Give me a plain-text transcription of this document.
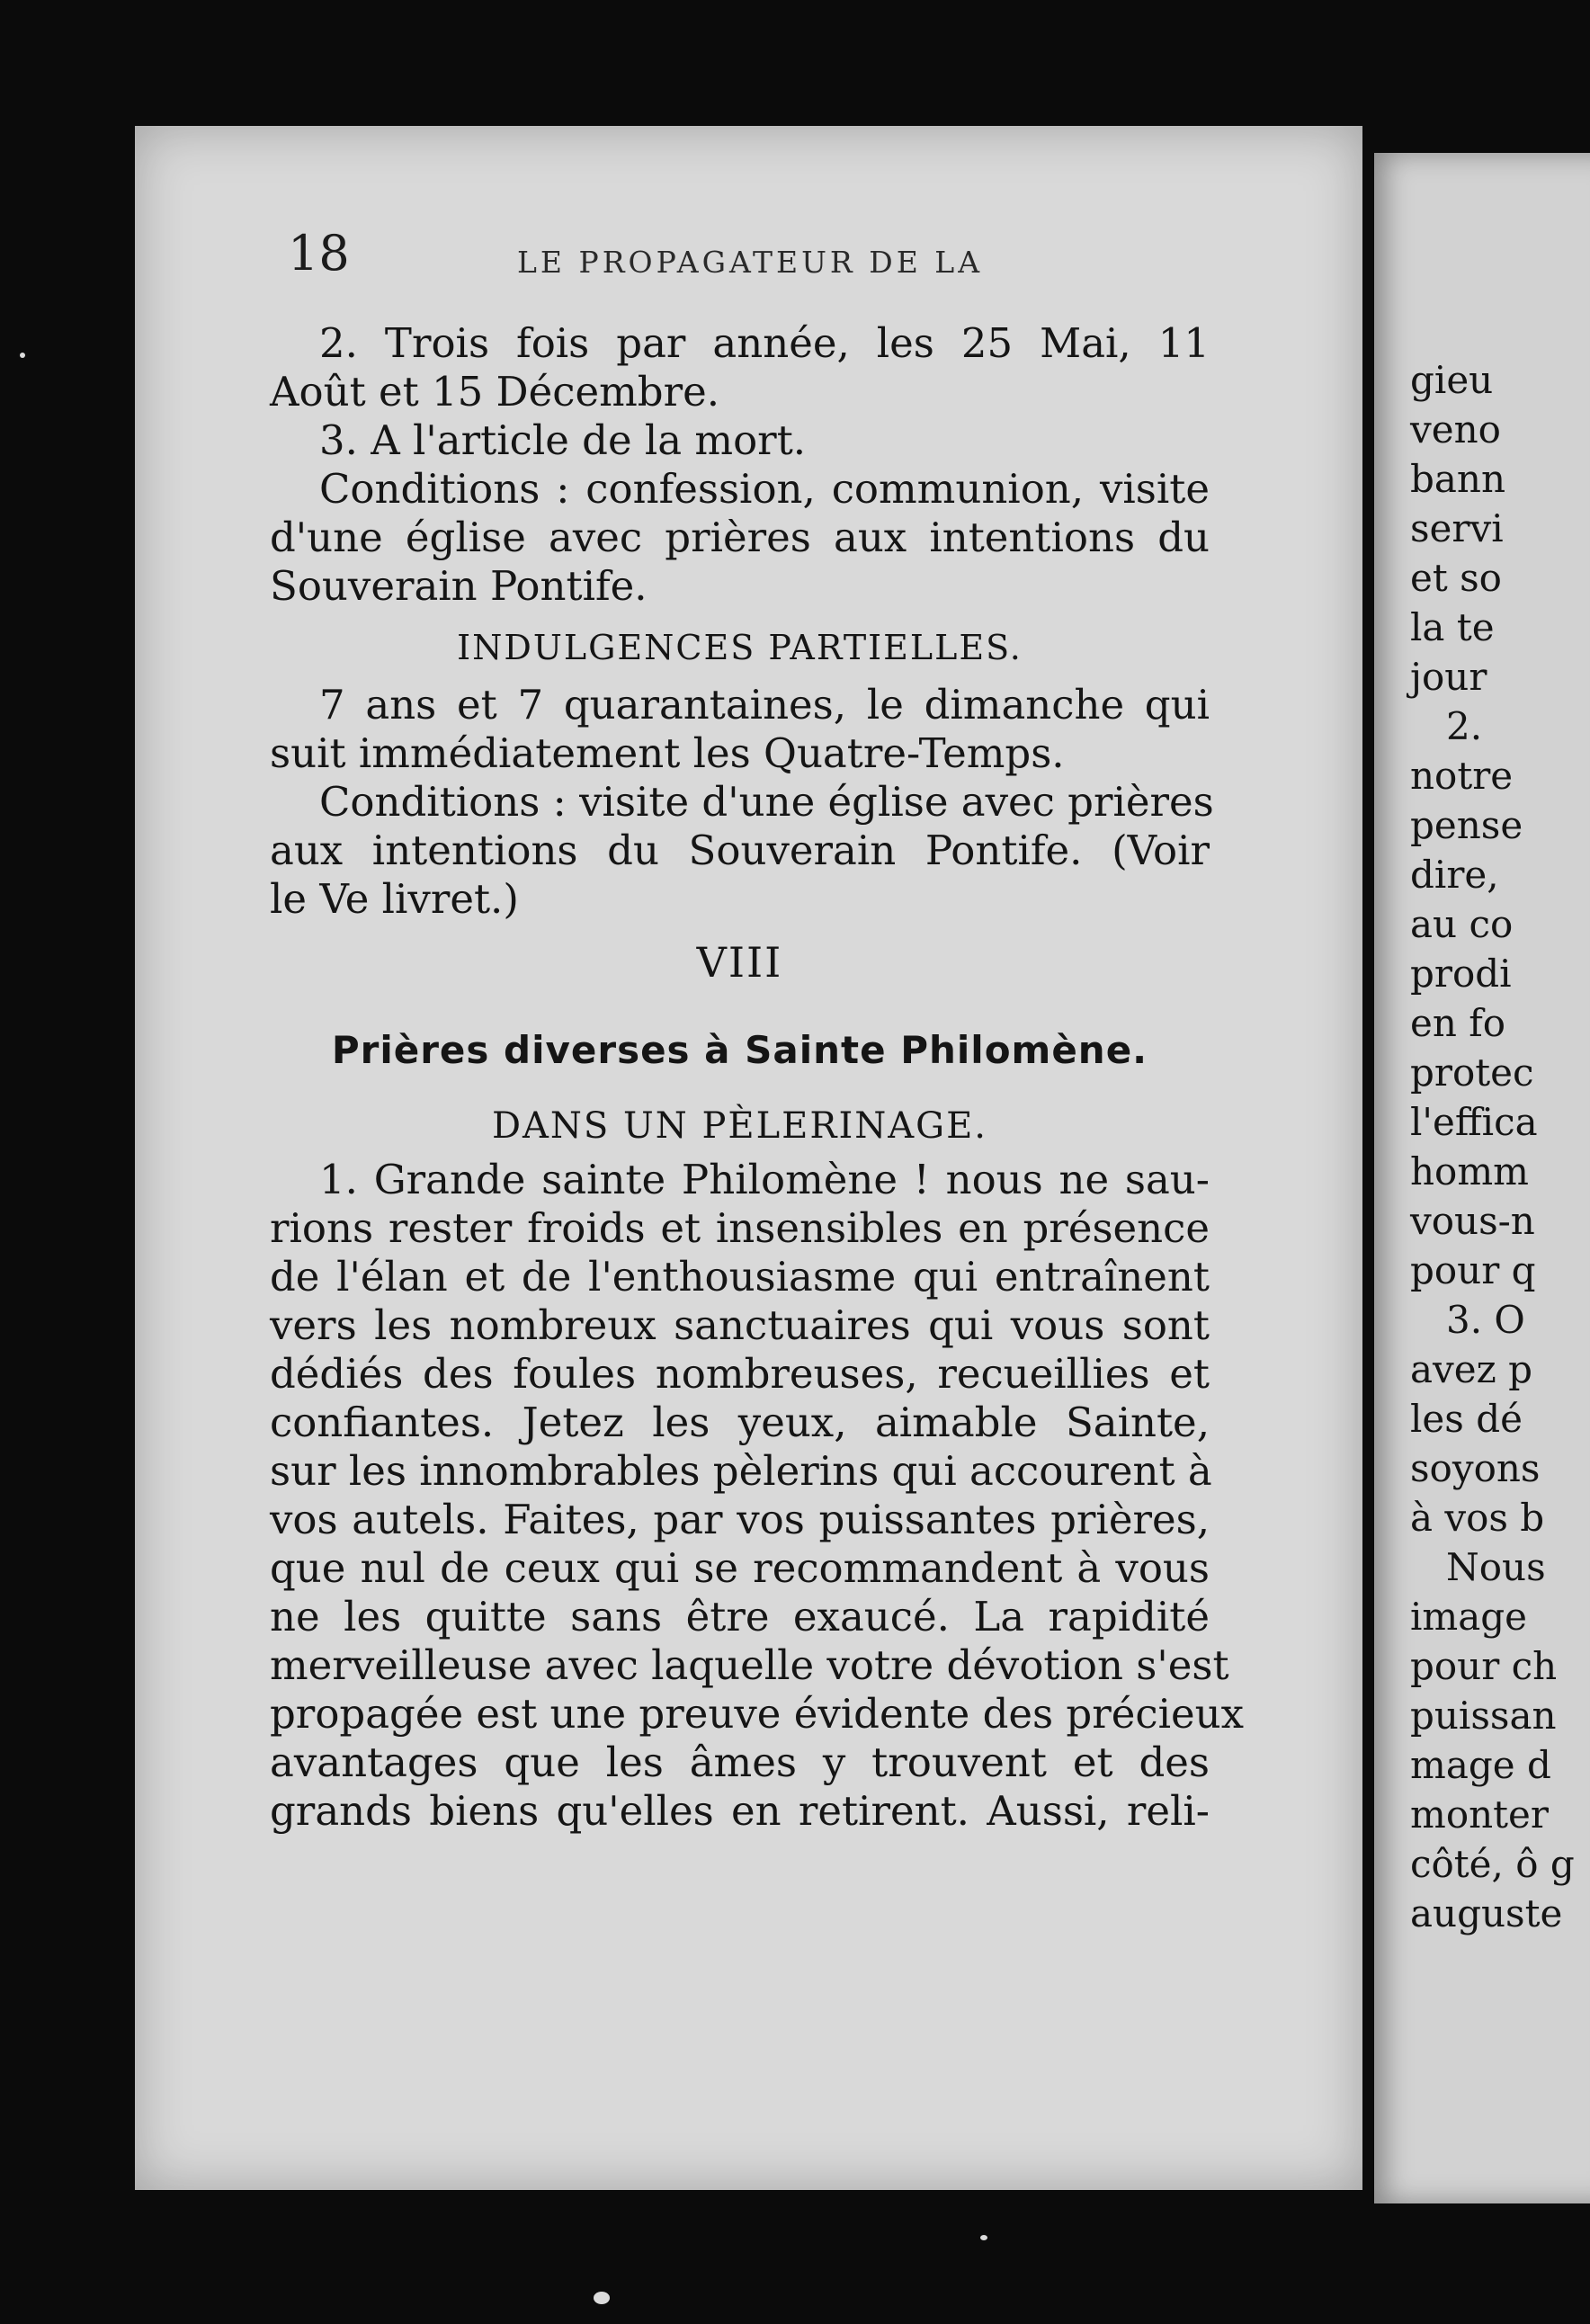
18	LE PROPAGATEUR DE LA
2. Trois fois par année, les 25 Mai, 11
Août et 15 Décembre.
3. A l'article de la mort.
Conditions : confession, communion, visite
d'une église avec prières aux intentions du
Souverain Pontife.

INDULGENCES PARTIELLES.

7 ans et 7 quarantaines, le dimanche qui
suit immédiatement les Quatre-Temps.
Conditions : visite d'une église avec prières
aux intentions du Souverain Pontife. (Voir
le Ve livret.)

VIII

Prières diverses à Sainte Philomène.

DANS UN PÈLERINAGE.

1. Grande sainte Philomène ! nous ne sau-
rions rester froids et insensibles en présence
de l'élan et de l'enthousiasme qui entraînent
vers les nombreux sanctuaires qui vous sont
dédiés des foules nombreuses, recueillies et
confiantes. Jetez les yeux, aimable Sainte,
sur les innombrables pèlerins qui accourent à
vos autels. Faites, par vos puissantes prières,
que nul de ceux qui se recommandent à vous
ne les quitte sans être exaucé. La rapidité
merveilleuse avec laquelle votre dévotion s'est
propagée est une preuve évidente des précieux
avantages que les âmes y trouvent et des
grands biens qu'elles en retirent. Aussi, reli-
gieu
veno
bann
servi
et so
la te
jour
2.
notre
pense
dire,
au co
prodi
en fo
protec
l'effica
homm
vous-n
pour q
3. O
avez p
les dé
soyons
à vos b
Nous
image
pour ch
puissan
mage d
monter
côté, ô g
auguste
